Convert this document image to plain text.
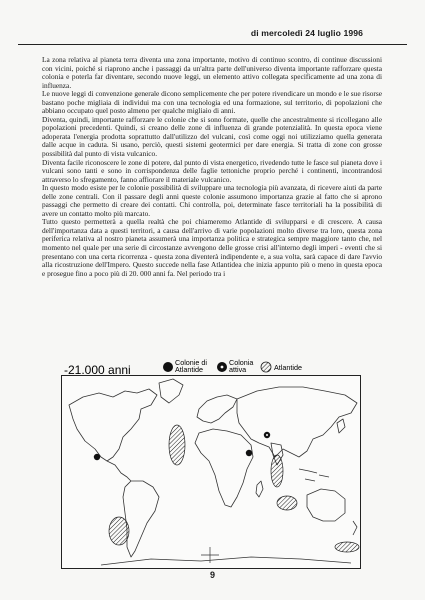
di mercoledì 24 luglio 1996

La zona relativa al pianeta terra diventa una zona importante, motivo di continuo scontro, di continue discussioni con vicini, poiché si riaprono anche i passaggi da un'altra parte dell'universo diventa importante rafforzare questa colonia e poterla far diventare, secondo nuove leggi, un elemento attivo collegata specificamente ad una zona di influenza.

Le nuove leggi di convenzione generale dicono semplicemente che per potere rivendicare un mondo e le sue risorse bastano poche migliaia di individui ma con una tecnologia ed una formazione, sul territorio, di popolazioni che abbiano occupato quel posto almeno per qualche migliaio di anni.

Diventa, quindi, importante rafforzare le colonie che si sono formate, quelle che ancestralmente si ricollegano alle popolazioni precedenti. Quindi, si creano delle zone di influenza di grande potenzialità. In questa epoca viene adoperata l'energia prodotta soprattutto dall'utilizzo del vulcani, così come oggi noi utilizziamo quella generata dalle acque in caduta. Si usano, perciò, questi sistemi geotermici per dare energia. Si tratta di zone con grosse possibilità dal punto di vista vulcanico.

Diventa facile riconoscere le zone di potere, dal punto di vista energetico, rivedendo tutte le fasce sul pianeta dove i vulcani sono tanti e sono in corrispondenza delle faglie tettoniche proprio perché i continenti, incontrandosi attraverso lo sfregamento, fanno affiorare il materiale vulcanico.

In questo modo esiste per le colonie possibilità di sviluppare una tecnologia più avanzata, di ricevere aiuti da parte delle zone centrali. Con il passare degli anni queste colonie assumono importanza grazie al fatto che si aprono passaggi che permetto di creare dei contatti. Chi controlla, poi, determinate fasce territoriali ha la possibilità di avere un contatto molto più marcato.

Tutto questo permetterà a quella realtà che poi chiameremo Atlantide di svilupparsi e di crescere. A causa dell'importanza data a questi territori, a causa dell'arrivo di varie popolazioni molto diverse tra loro, questa zona periferica relativa al nostro pianeta assumerà una importanza politica e strategica sempre maggiore tanto che, nel momento nel quale per una serie di circostanze avvengono delle grosse crisi all'interno degli imperi - eventi che si presentano con una certa ricorrenza - questa zona diventerà indipendente e, a sua volta, sarà capace di dare l'avvio alla ricostruzione dell'Impero. Questo succede nella fase Atlantidea che inizia appunto più o meno in questa epoca e prosegue fino a poco più di 20. 000 anni fa. Nel periodo tra i

-21.000 anni
Colonie di
Atlantide
Colonia
attiva	Atlantide
9
